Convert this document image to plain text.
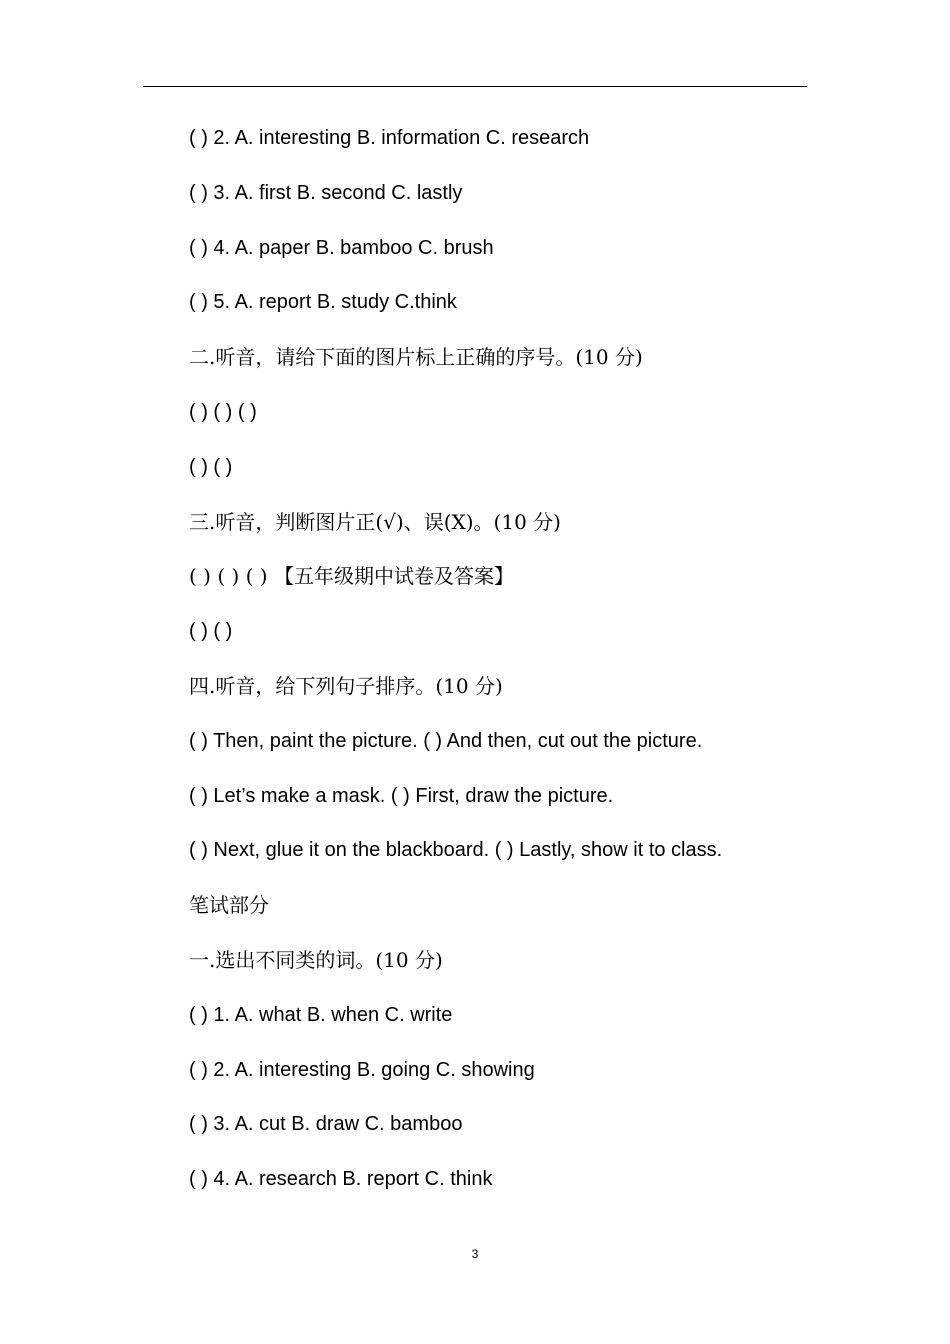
( ) 2. A. interesting B. information C. research
( ) 3. A. first B. second C. lastly
( ) 4. A. paper B. bamboo C. brush
( ) 5. A. report B. study C.think
二.听音，请给下面的图片标上正确的序号。(10 分)
( ) ( ) ( )
( ) ( )
三.听音，判断图片正(√)、误(X)。(10 分)
( ) ( ) ( ) 【五年级期中试卷及答案】
( ) ( )
四.听音，给下列句子排序。(10 分)
( ) Then, paint the picture. ( ) And then, cut out the picture.
( ) Let’s make a mask. ( ) First, draw the picture.
( ) Next, glue it on the blackboard. ( ) Lastly, show it to class.
笔试部分
一.选出不同类的词。(10 分)
( ) 1. A. what B. when C. write
( ) 2. A. interesting B. going C. showing
( ) 3. A. cut B. draw C. bamboo
( ) 4. A. research B. report C. think
3
